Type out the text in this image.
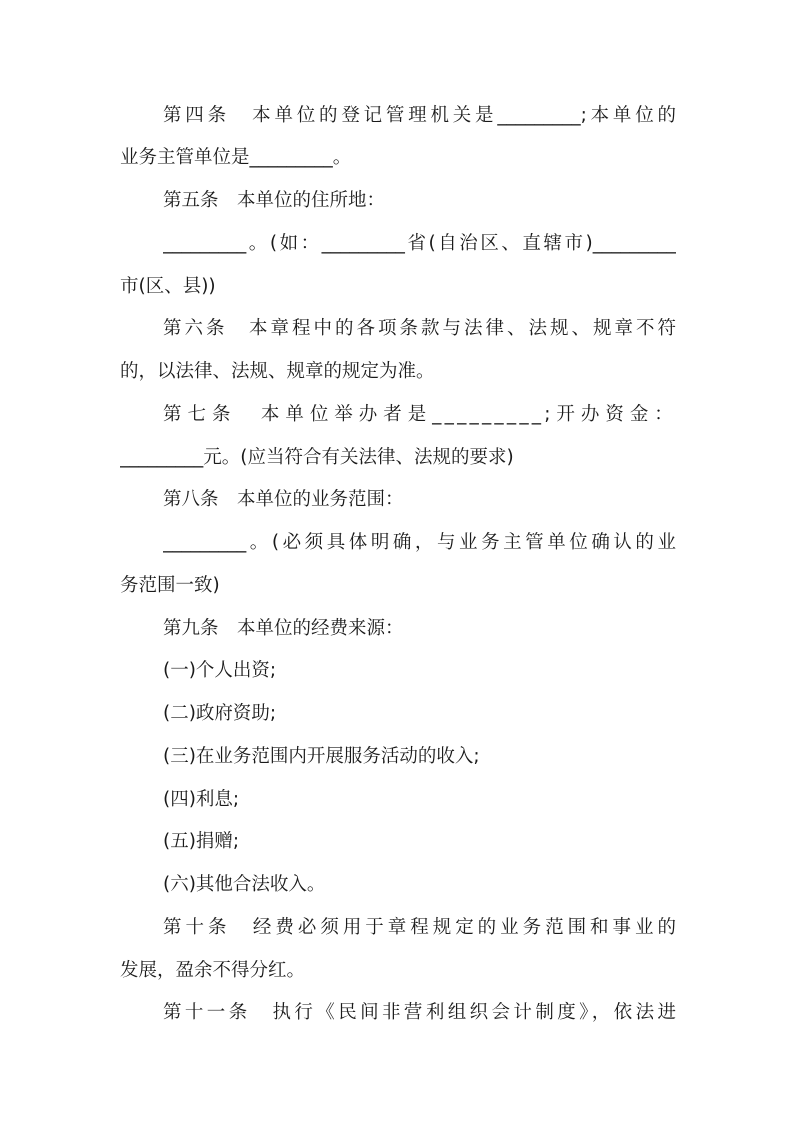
第四条　本单位的登记管理机关是_________;本单位的
业务主管单位是_________。
第五条　本单位的住所地：
_________。(如：_________省(自治区、直辖市)_________
市(区、县))
第六条　本章程中的各项条款与法律、法规、规章不符
的，以法律、法规、规章的规定为准。
第七条　本单位举办者是_________;开办资金：
_________元。(应当符合有关法律、法规的要求)
第八条　本单位的业务范围：
_________。(必须具体明确，与业务主管单位确认的业
务范围一致)
第九条　本单位的经费来源：
(一)个人出资;
(二)政府资助;
(三)在业务范围内开展服务活动的收入;
(四)利息;
(五)捐赠;
(六)其他合法收入。
第十条　经费必须用于章程规定的业务范围和事业的
发展，盈余不得分红。
第十一条　执行《民间非营利组织会计制度》，依法进
